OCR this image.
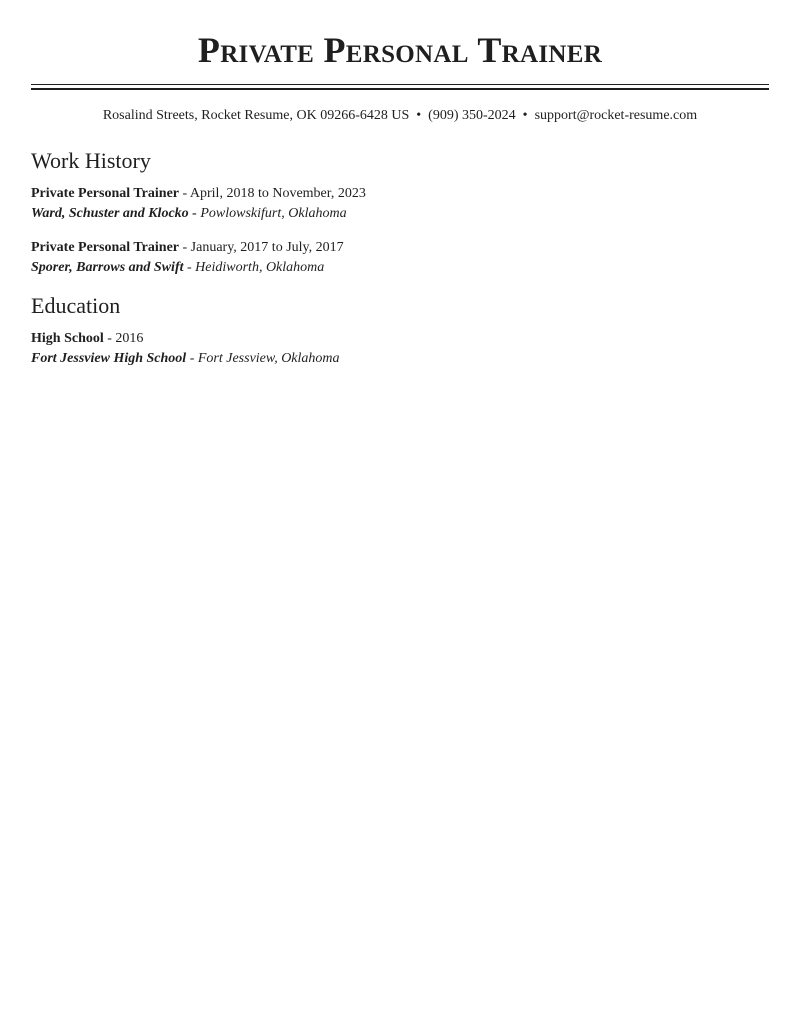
Private Personal Trainer
Rosalind Streets, Rocket Resume, OK 09266-6428 US • (909) 350-2024 • support@rocket-resume.com
Work History
Private Personal Trainer - April, 2018 to November, 2023
Ward, Schuster and Klocko - Powlowskifurt, Oklahoma
Private Personal Trainer - January, 2017 to July, 2017
Sporer, Barrows and Swift - Heidiworth, Oklahoma
Education
High School - 2016
Fort Jessview High School - Fort Jessview, Oklahoma
